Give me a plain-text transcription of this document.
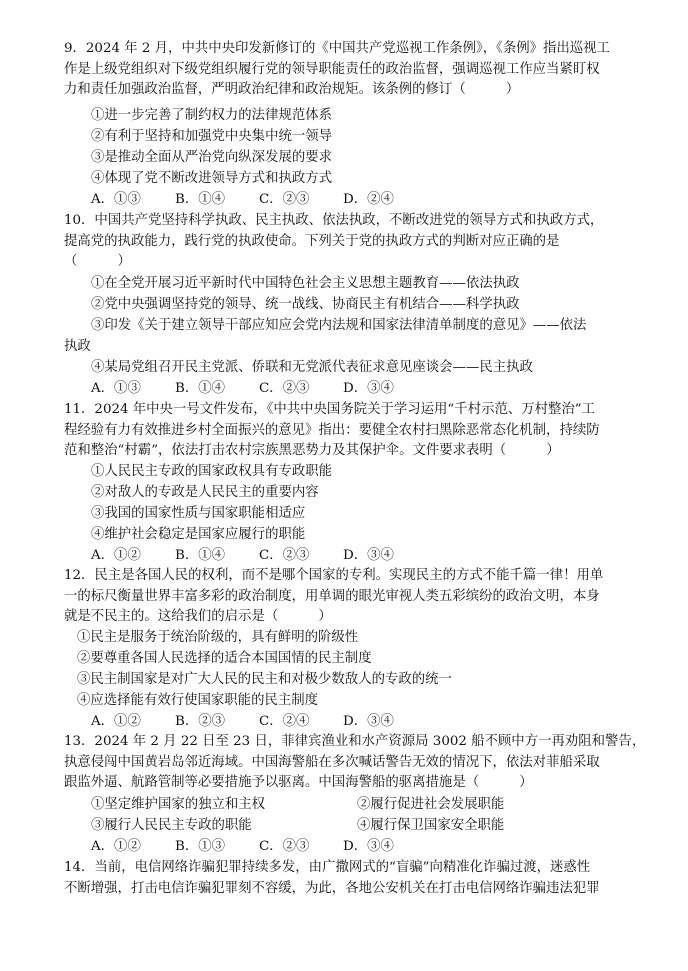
9．2024 年 2 月，中共中央印发新修订的《中国共产党巡视工作条例》，《条例》指出巡视工
作是上级党组织对下级党组织履行党的领导职能责任的政治监督，强调巡视工作应当紧盯权
力和责任加强政治监督，严明政治纪律和政治规矩。该条例的修订（　　　）
①进一步完善了制约权力的法律规范体系
②有利于坚持和加强党中央集中统一领导
③是推动全面从严治党向纵深发展的要求
④体现了党不断改进领导方式和执政方式
A．①③	B．①④	C．②③	D．②④
10．中国共产党坚持科学执政、民主执政、依法执政，不断改进党的领导方式和执政方式，
提高党的执政能力，践行党的执政使命。下列关于党的执政方式的判断对应正确的是
（　　　）
①在全党开展习近平新时代中国特色社会主义思想主题教育——依法执政
②党中央强调坚持党的领导、统一战线、协商民主有机结合——科学执政
③印发《关于建立领导干部应知应会党内法规和国家法律清单制度的意见》——依法
执政
④某局党组召开民主党派、侨联和无党派代表征求意见座谈会——民主执政
A．①③	B．①④	C．②③	D．③④
11．2024 年中央一号文件发布，《中共中央国务院关于学习运用“千村示范、万村整治”工
程经验有力有效推进乡村全面振兴的意见》指出：要健全农村扫黑除恶常态化机制，持续防
范和整治“村霸”，依法打击农村宗族黑恶势力及其保护伞。文件要求表明（　　　）
①人民民主专政的国家政权具有专政职能
②对敌人的专政是人民民主的重要内容
③我国的国家性质与国家职能相适应
④维护社会稳定是国家应履行的职能
A．①②	B．①④	C．②③	D．③④
12．民主是各国人民的权利，而不是哪个国家的专利。实现民主的方式不能千篇一律！用单
一的标尺衡量世界丰富多彩的政治制度，用单调的眼光审视人类五彩缤纷的政治文明，本身
就是不民主的。这给我们的启示是（　　　）
①民主是服务于统治阶级的，具有鲜明的阶级性
②要尊重各国人民选择的适合本国国情的民主制度
③民主制国家是对广大人民的民主和对极少数敌人的专政的统一
④应选择能有效行使国家职能的民主制度
A．①②	B．②③	C．②④	D．③④
13．2024 年 2 月 22 日至 23 日，菲律宾渔业和水产资源局 3002 船不顾中方一再劝阻和警告，
执意侵闯中国黄岩岛邻近海域。中国海警船在多次喊话警告无效的情况下，依法对菲船采取
跟监外逼、航路管制等必要措施予以驱离。中国海警船的驱离措施是（　　　）
①坚定维护国家的独立和主权	②履行促进社会发展职能
③履行人民民主专政的职能	④履行保卫国家安全职能
A．①②	B．①③	C．②③	D．③④
14．当前，电信网络诈骗犯罪持续多发，由广撒网式的“盲骗”向精准化诈骗过渡，迷惑性
不断增强，打击电信诈骗犯罪刻不容缓，为此，各地公安机关在打击电信网络诈骗违法犯罪
